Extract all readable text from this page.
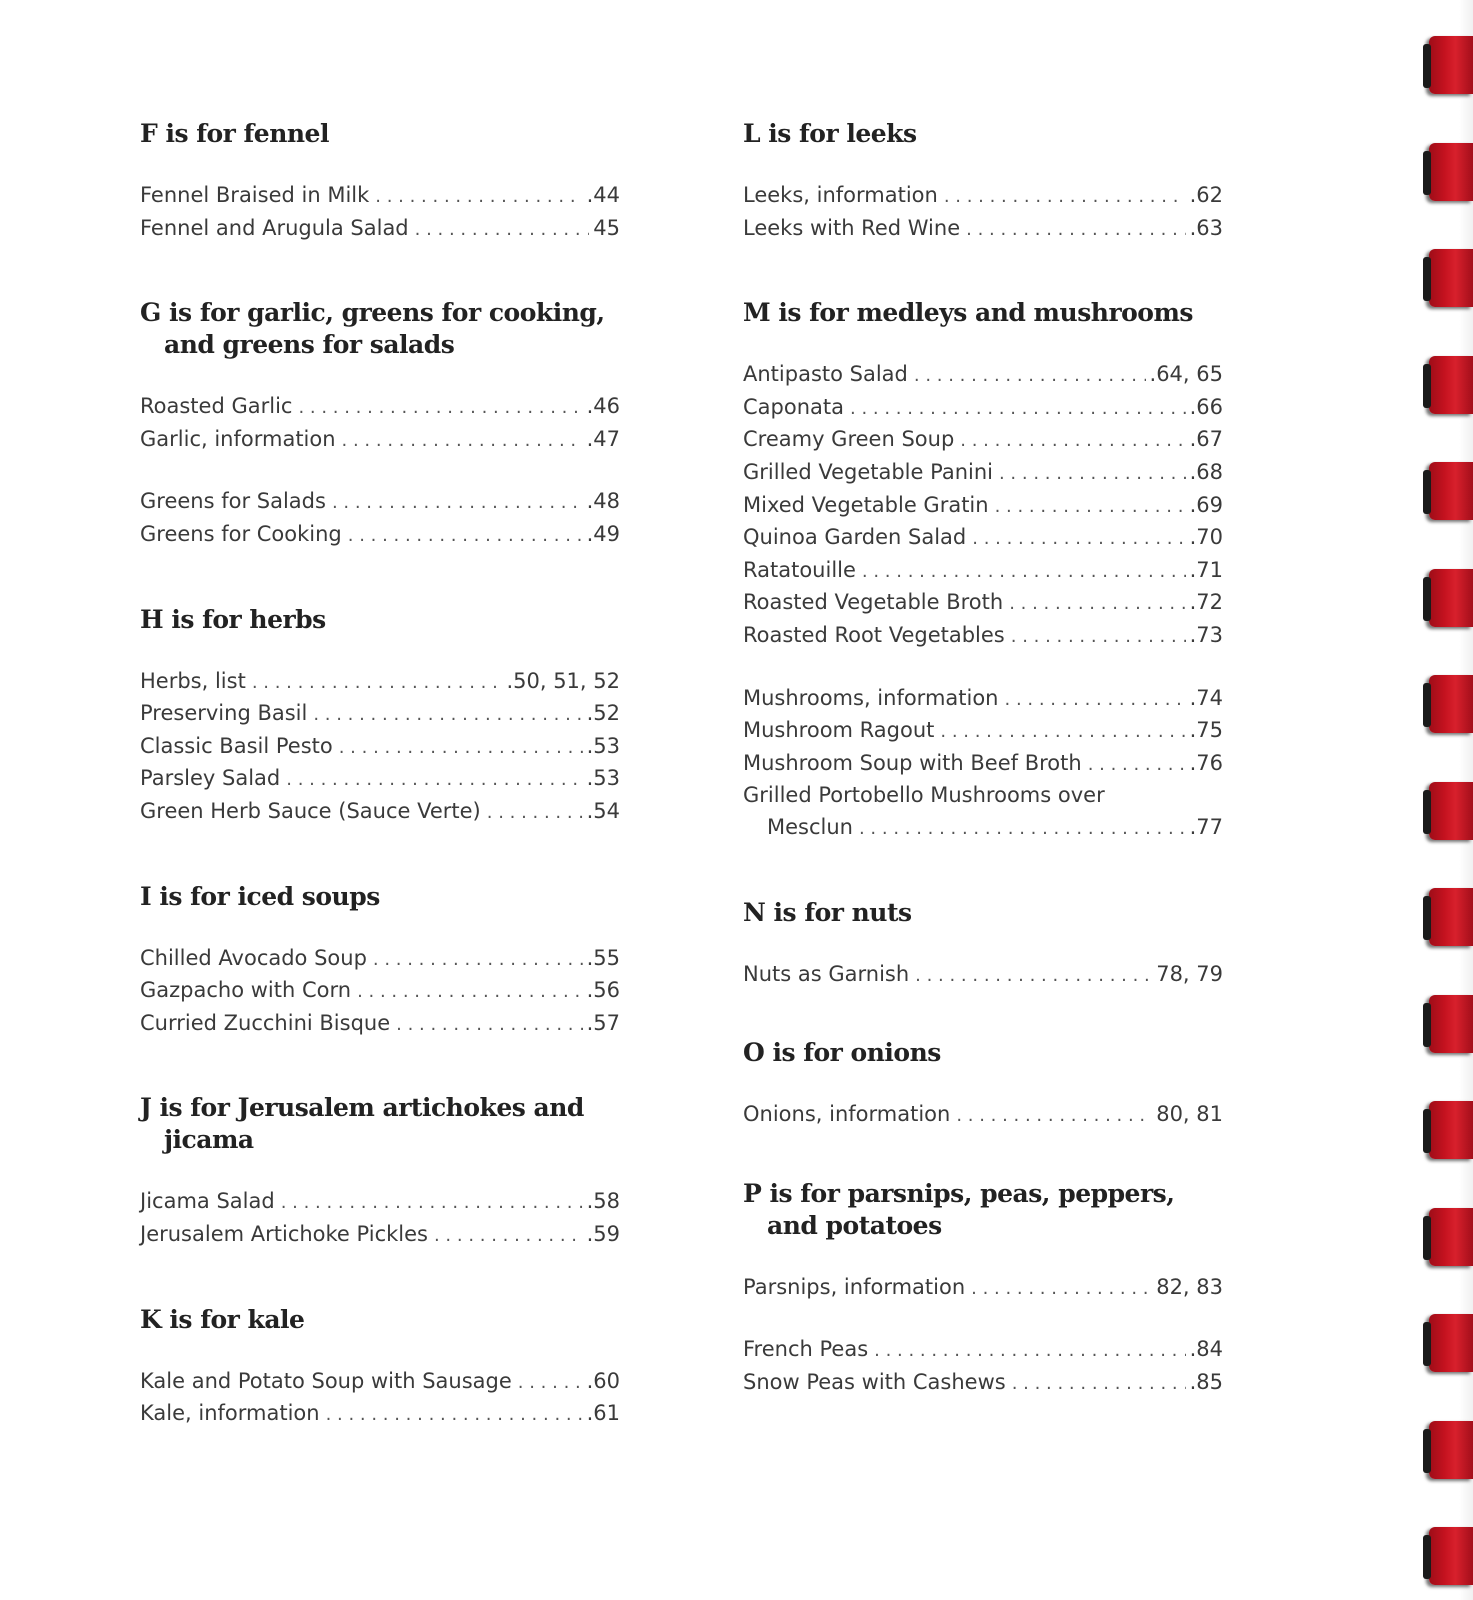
F is for fennel
Fennel Braised in Milk . . .	.44
Fennel and Arugula Salad . . .	45
G is for garlic, greens for cooking, and greens for salads
Roasted Garlic . . .	.46
Garlic, information . . .	.47
Greens for Salads . . .	.48
Greens for Cooking . . .	.49
H is for herbs
Herbs, list . . .	.50, 51, 52
Preserving Basil . . .	.52
Classic Basil Pesto . . .	.53
Parsley Salad . . .	.53
Green Herb Sauce (Sauce Verte) . . .	.54
I is for iced soups
Chilled Avocado Soup . . .	.55
Gazpacho with Corn . . .	.56
Curried Zucchini Bisque . . .	.57
J is for Jerusalem artichokes and jicama
Jicama Salad . . .	.58
Jerusalem Artichoke Pickles . . .	.59
K is for kale
Kale and Potato Soup with Sausage . . .	.60
Kale, information . . .	.61
L is for leeks
Leeks, information . . .	.62
Leeks with Red Wine . . .	.63
M is for medleys and mushrooms
Antipasto Salad . . .	.64, 65
Caponata . . .	.66
Creamy Green Soup . . .	.67
Grilled Vegetable Panini . . .	.68
Mixed Vegetable Gratin . . .	.69
Quinoa Garden Salad . . .	.70
Ratatouille . . .	.71
Roasted Vegetable Broth . . .	.72
Roasted Root Vegetables . . .	.73
Mushrooms, information . . .	.74
Mushroom Ragout . . .	.75
Mushroom Soup with Beef Broth . . .	.76
Grilled Portobello Mushrooms over
Mesclun . . .	.77
N is for nuts
Nuts as Garnish . . .	78, 79
O is for onions
Onions, information . . .	80, 81
P is for parsnips, peas, peppers, and potatoes
Parsnips, information . . .	82, 83
French Peas . . .	.84
Snow Peas with Cashews . . .	.85
